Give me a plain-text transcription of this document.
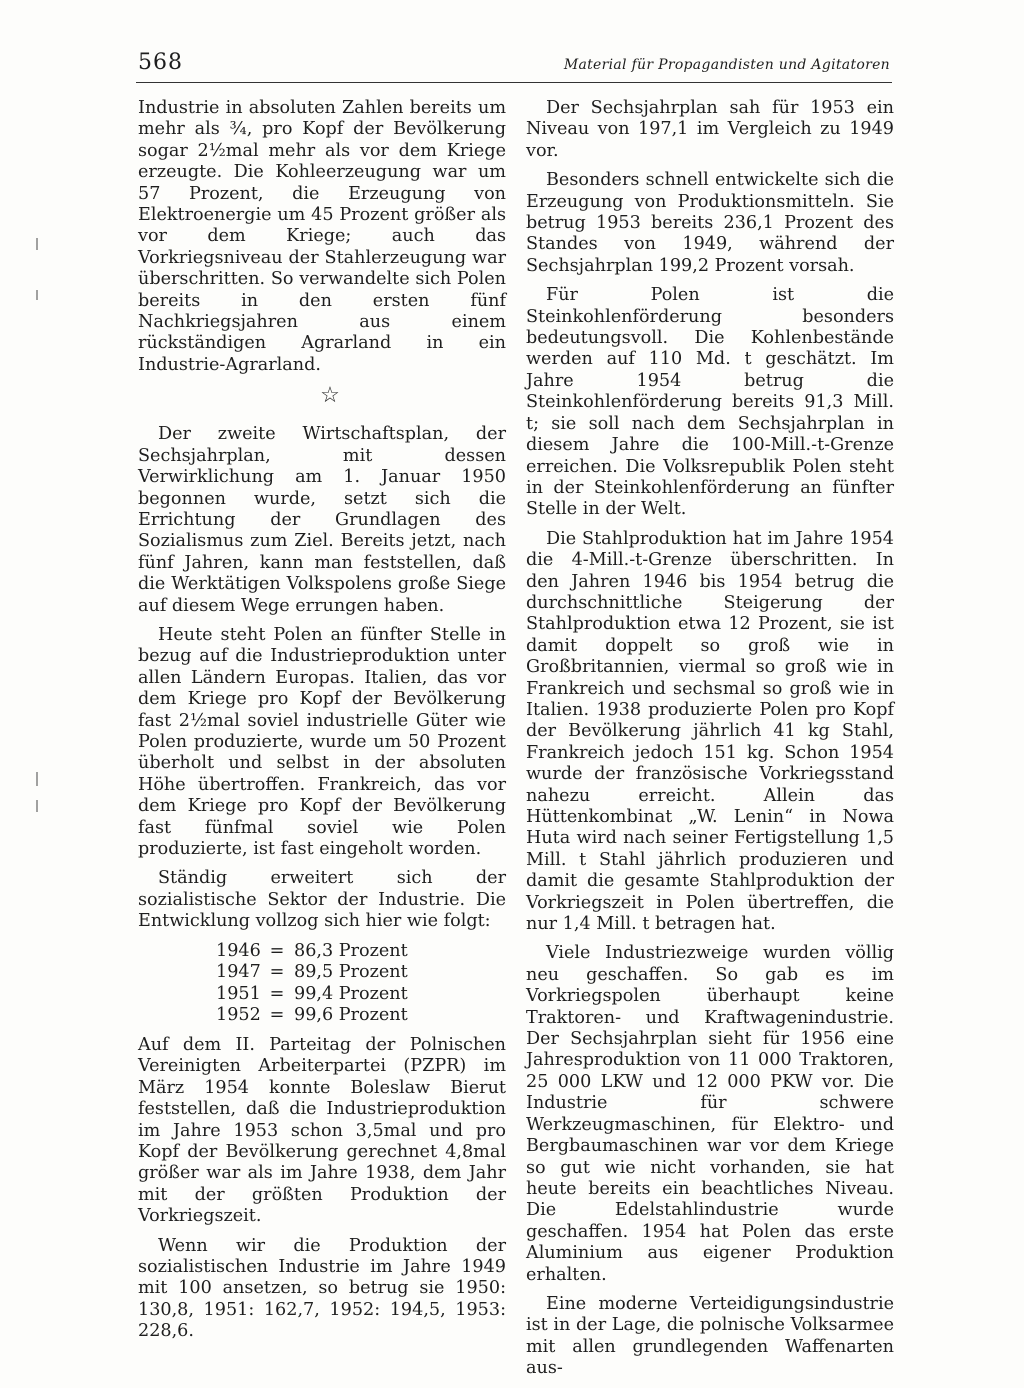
568	Material für Propagandisten und Agitatoren

Industrie in absoluten Zahlen bereits um mehr als ¾, pro Kopf der Bevölkerung sogar 2½mal mehr als vor dem Kriege erzeugte. Die Kohleerzeugung war um 57 Prozent, die Erzeugung von Elektroenergie um 45 Prozent größer als vor dem Kriege; auch das Vorkriegsniveau der Stahlerzeugung war überschritten. So verwandelte sich Polen bereits in den ersten fünf Nachkriegsjahren aus einem rückständigen Agrarland in ein Industrie-Agrarland.

☆

Der zweite Wirtschaftsplan, der Sechsjahrplan, mit dessen Verwirklichung am 1. Januar 1950 begonnen wurde, setzt sich die Errichtung der Grundlagen des Sozialismus zum Ziel. Bereits jetzt, nach fünf Jahren, kann man feststellen, daß die Werktätigen Volkspolens große Siege auf diesem Wege errungen haben.

Heute steht Polen an fünfter Stelle in bezug auf die Industrieproduktion unter allen Ländern Europas. Italien, das vor dem Kriege pro Kopf der Bevölkerung fast 2½mal soviel industrielle Güter wie Polen produzierte, wurde um 50 Prozent überholt und selbst in der absoluten Höhe übertroffen. Frankreich, das vor dem Kriege pro Kopf der Bevölkerung fast fünfmal soviel wie Polen produzierte, ist fast eingeholt worden.

Ständig erweitert sich der sozialistische Sektor der Industrie. Die Entwicklung vollzog sich hier wie folgt:

1946 = 86,3 Prozent
1947 = 89,5 Prozent
1951 = 99,4 Prozent
1952 = 99,6 Prozent

Auf dem II. Parteitag der Polnischen Vereinigten Arbeiterpartei (PZPR) im März 1954 konnte Boleslaw Bierut feststellen, daß die Industrieproduktion im Jahre 1953 schon 3,5mal und pro Kopf der Bevölkerung gerechnet 4,8mal größer war als im Jahre 1938, dem Jahr mit der größten Produktion der Vorkriegszeit.

Wenn wir die Produktion der sozialistischen Industrie im Jahre 1949 mit 100 ansetzen, so betrug sie 1950: 130,8, 1951: 162,7, 1952: 194,5, 1953: 228,6.

Der Sechsjahrplan sah für 1953 ein Niveau von 197,1 im Vergleich zu 1949 vor.

Besonders schnell entwickelte sich die Erzeugung von Produktionsmitteln. Sie betrug 1953 bereits 236,1 Prozent des Standes von 1949, während der Sechsjahrplan 199,2 Prozent vorsah.

Für Polen ist die Steinkohlenförderung besonders bedeutungsvoll. Die Kohlenbestände werden auf 110 Md. t geschätzt. Im Jahre 1954 betrug die Steinkohlenförderung bereits 91,3 Mill. t; sie soll nach dem Sechsjahrplan in diesem Jahre die 100-Mill.-t-Grenze erreichen. Die Volksrepublik Polen steht in der Steinkohlenförderung an fünfter Stelle in der Welt.

Die Stahlproduktion hat im Jahre 1954 die 4-Mill.-t-Grenze überschritten. In den Jahren 1946 bis 1954 betrug die durchschnittliche Steigerung der Stahlproduktion etwa 12 Prozent, sie ist damit doppelt so groß wie in Großbritannien, viermal so groß wie in Frankreich und sechsmal so groß wie in Italien. 1938 produzierte Polen pro Kopf der Bevölkerung jährlich 41 kg Stahl, Frankreich jedoch 151 kg. Schon 1954 wurde der französische Vorkriegsstand nahezu erreicht. Allein das Hüttenkombinat „W. Lenin“ in Nowa Huta wird nach seiner Fertigstellung 1,5 Mill. t Stahl jährlich produzieren und damit die gesamte Stahlproduktion der Vorkriegszeit in Polen übertreffen, die nur 1,4 Mill. t betragen hat.

Viele Industriezweige wurden völlig neu geschaffen. So gab es im Vorkriegspolen überhaupt keine Traktoren- und Kraftwagenindustrie. Der Sechsjahrplan sieht für 1956 eine Jahresproduktion von 11 000 Traktoren, 25 000 LKW und 12 000 PKW vor. Die Industrie für schwere Werkzeugmaschinen, für Elektro- und Bergbaumaschinen war vor dem Kriege so gut wie nicht vorhanden, sie hat heute bereits ein beachtliches Niveau. Die Edelstahlindustrie wurde geschaffen. 1954 hat Polen das erste Aluminium aus eigener Produktion erhalten.

Eine moderne Verteidigungsindustrie ist in der Lage, die polnische Volksarmee mit allen grundlegenden Waffenarten aus-
